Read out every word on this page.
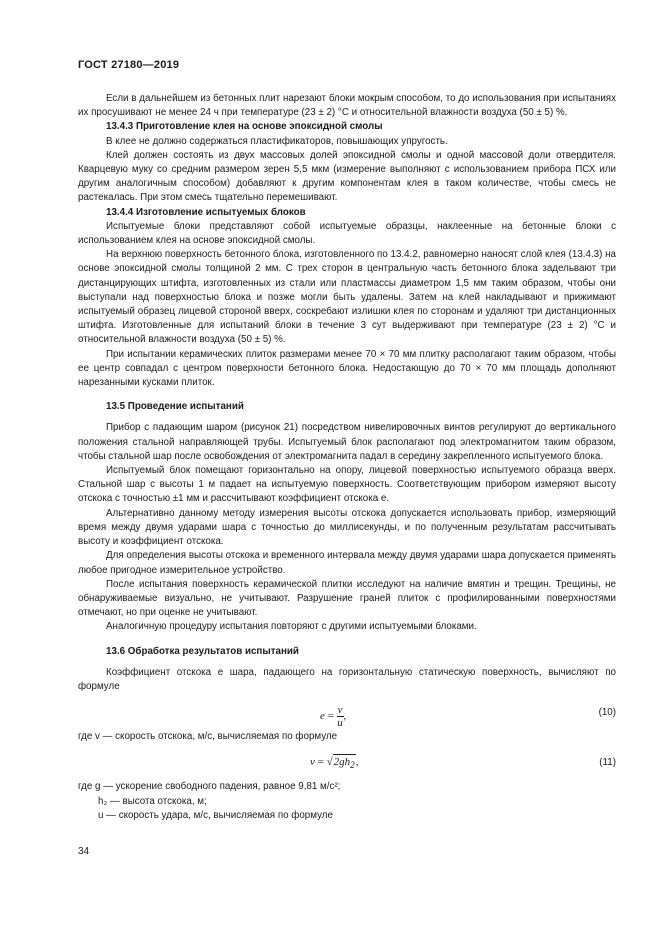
ГОСТ 27180—2019

Если в дальнейшем из бетонных плит нарезают блоки мокрым способом, то до использования при испытаниях их просушивают не менее 24 ч при температуре (23 ± 2) °С и относительной влажности воздуха (50 ± 5) %.

13.4.3 Приготовление клея на основе эпоксидной смолы

В клее не должно содержаться пластификаторов, повышающих упругость.

Клей должен состоять из двух массовых долей эпоксидной смолы и одной массовой доли отвердителя. Кварцевую муку со средним размером зерен 5,5 мкм (измерение выполняют с использованием прибора ПСХ или другим аналогичным способом) добавляют к другим компонентам клея в таком количестве, чтобы смесь не растекалась. При этом смесь тщательно перемешивают.

13.4.4 Изготовление испытуемых блоков

Испытуемые блоки представляют собой испытуемые образцы, наклеенные на бетонные блоки с использованием клея на основе эпоксидной смолы.

На верхнюю поверхность бетонного блока, изготовленного по 13.4.2, равномерно наносят слой клея (13.4.3) на основе эпоксидной смолы толщиной 2 мм. С трех сторон в центральную часть бетонного блока задельвают три дистанцирующих штифта, изготовленных из стали или пластмассы диаметром 1,5 мм таким образом, чтобы они выступали над поверхностью блока и позже могли быть удалены. Затем на клей накладывают и прижимают испытуемый образец лицевой стороной вверх, соскребают излишки клея по сторонам и удаляют три дистанционных штифта. Изготовленные для испытаний блоки в течение 3 сут выдерживают при температуре (23 ± 2) °С и относительной влажности воздуха (50 ± 5) %.

При испытании керамических плиток размерами менее 70 × 70 мм плитку располагают таким образом, чтобы ее центр совпадал с центром поверхности бетонного блока. Недостающую до 70 × 70 мм площадь дополняют нарезанными кусками плиток.

13.5 Проведение испытаний

Прибор с падающим шаром (рисунок 21) посредством нивелировочных винтов регулируют до вертикального положения стальной направляющей трубы. Испытуемый блок располагают под электромагнитом таким образом, чтобы стальной шар после освобождения от электромагнита падал в середину закрепленного испытуемого блока.

Испытуемый блок помещают горизонтально на опору, лицевой поверхностью испытуемого образца вверх. Стальной шар с высоты 1 м падает на испытуемую поверхность. Соответствующим прибором измеряют высоту отскока с точностью ±1 мм и рассчитывают коэффициент отскока е.

Альтернативно данному методу измерения высоты отскока допускается использовать прибор, измеряющий время между двумя ударами шара с точностью до миллисекунды, и по полученным результатам рассчитывать высоту и коэффициент отскока.

Для определения высоты отскока и временного интервала между двумя ударами шара допускается применять любое пригодное измерительное устройство.

После испытания поверхность керамической плитки исследуют на наличие вмятин и трещин. Трещины, не обнаруживаемые визуально, не учитывают. Разрушение граней плиток с профилированными поверхностями отмечают, но при оценке не учитывают.

Аналогичную процедуру испытания повторяют с другими испытуемыми блоками.

13.6 Обработка результатов испытаний

Коэффициент отскока е шара, падающего на горизонтальную статическую поверхность, вычисляют по формуле

$e = \frac{v}{u}$ ,	(10)

где v — скорость отскока, м/с, вычисляемая по формуле

$v = √2gh_2$,	(11)

где g — ускорение свободного падения, равное 9,81 м/с²;

h₂ — высота отскока, м;

u — скорость удара, м/с, вычисляемая по формуле

34
